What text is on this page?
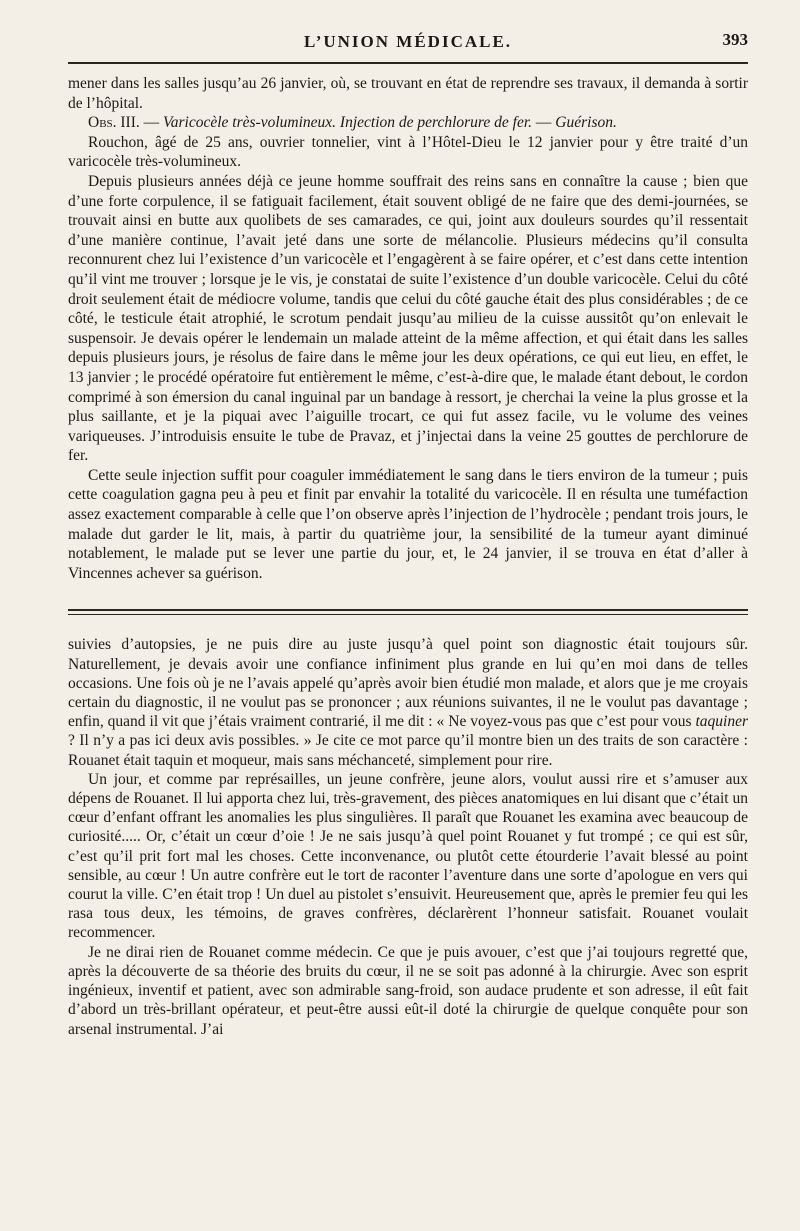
L’UNION MÉDICALE.	393

mener dans les salles jusqu’au 26 janvier, où, se trouvant en état de reprendre ses travaux, il demanda à sortir de l’hôpital.

Obs. III. — Varicocèle très-volumineux. Injection de perchlorure de fer. — Guérison.

Rouchon, âgé de 25 ans, ouvrier tonnelier, vint à l’Hôtel-Dieu le 12 janvier pour y être traité d’un varicocèle très-volumineux.

Depuis plusieurs années déjà ce jeune homme souffrait des reins sans en connaître la cause ; bien que d’une forte corpulence, il se fatiguait facilement, était souvent obligé de ne faire que des demi-journées, se trouvait ainsi en butte aux quolibets de ses camarades, ce qui, joint aux douleurs sourdes qu’il ressentait d’une manière continue, l’avait jeté dans une sorte de mélancolie. Plusieurs médecins qu’il consulta reconnurent chez lui l’existence d’un varicocèle et l’engagèrent à se faire opérer, et c’est dans cette intention qu’il vint me trouver ; lorsque je le vis, je constatai de suite l’existence d’un double varicocèle. Celui du côté droit seulement était de médiocre volume, tandis que celui du côté gauche était des plus considérables ; de ce côté, le testicule était atrophié, le scrotum pendait jusqu’au milieu de la cuisse aussitôt qu’on enlevait le suspensoir. Je devais opérer le lendemain un malade atteint de la même affection, et qui était dans les salles depuis plusieurs jours, je résolus de faire dans le même jour les deux opérations, ce qui eut lieu, en effet, le 13 janvier ; le procédé opératoire fut entièrement le même, c’est-à-dire que, le malade étant debout, le cordon comprimé à son émersion du canal inguinal par un bandage à ressort, je cherchai la veine la plus grosse et la plus saillante, et je la piquai avec l’aiguille trocart, ce qui fut assez facile, vu le volume des veines variqueuses. J’introduisis ensuite le tube de Pravaz, et j’injectai dans la veine 25 gouttes de perchlorure de fer.

Cette seule injection suffit pour coaguler immédiatement le sang dans le tiers environ de la tumeur ; puis cette coagulation gagna peu à peu et finit par envahir la totalité du varicocèle. Il en résulta une tuméfaction assez exactement comparable à celle que l’on observe après l’injection de l’hydrocèle ; pendant trois jours, le malade dut garder le lit, mais, à partir du quatrième jour, la sensibilité de la tumeur ayant diminué notablement, le malade put se lever une partie du jour, et, le 24 janvier, il se trouva en état d’aller à Vincennes achever sa guérison.

suivies d’autopsies, je ne puis dire au juste jusqu’à quel point son diagnostic était toujours sûr. Naturellement, je devais avoir une confiance infiniment plus grande en lui qu’en moi dans de telles occasions. Une fois où je ne l’avais appelé qu’après avoir bien étudié mon malade, et alors que je me croyais certain du diagnostic, il ne voulut pas se prononcer ; aux réunions suivantes, il ne le voulut pas davantage ; enfin, quand il vit que j’étais vraiment contrarié, il me dit : « Ne voyez-vous pas que c’est pour vous taquiner ? Il n’y a pas ici deux avis possibles. » Je cite ce mot parce qu’il montre bien un des traits de son caractère : Rouanet était taquin et moqueur, mais sans méchanceté, simplement pour rire.

Un jour, et comme par représailles, un jeune confrère, jeune alors, voulut aussi rire et s’amuser aux dépens de Rouanet. Il lui apporta chez lui, très-gravement, des pièces anatomiques en lui disant que c’était un cœur d’enfant offrant les anomalies les plus singulières. Il paraît que Rouanet les examina avec beaucoup de curiosité..... Or, c’était un cœur d’oie ! Je ne sais jusqu’à quel point Rouanet y fut trompé ; ce qui est sûr, c’est qu’il prit fort mal les choses. Cette inconvenance, ou plutôt cette étourderie l’avait blessé au point sensible, au cœur ! Un autre confrère eut le tort de raconter l’aventure dans une sorte d’apologue en vers qui courut la ville. C’en était trop ! Un duel au pistolet s’ensuivit. Heureusement que, après le premier feu qui les rasa tous deux, les témoins, de graves confrères, déclarèrent l’honneur satisfait. Rouanet voulait recommencer.

Je ne dirai rien de Rouanet comme médecin. Ce que je puis avouer, c’est que j’ai toujours regretté que, après la découverte de sa théorie des bruits du cœur, il ne se soit pas adonné à la chirurgie. Avec son esprit ingénieux, inventif et patient, avec son admirable sang-froid, son audace prudente et son adresse, il eût fait d’abord un très-brillant opérateur, et peut-être aussi eût-il doté la chirurgie de quelque conquête pour son arsenal instrumental. J’ai
